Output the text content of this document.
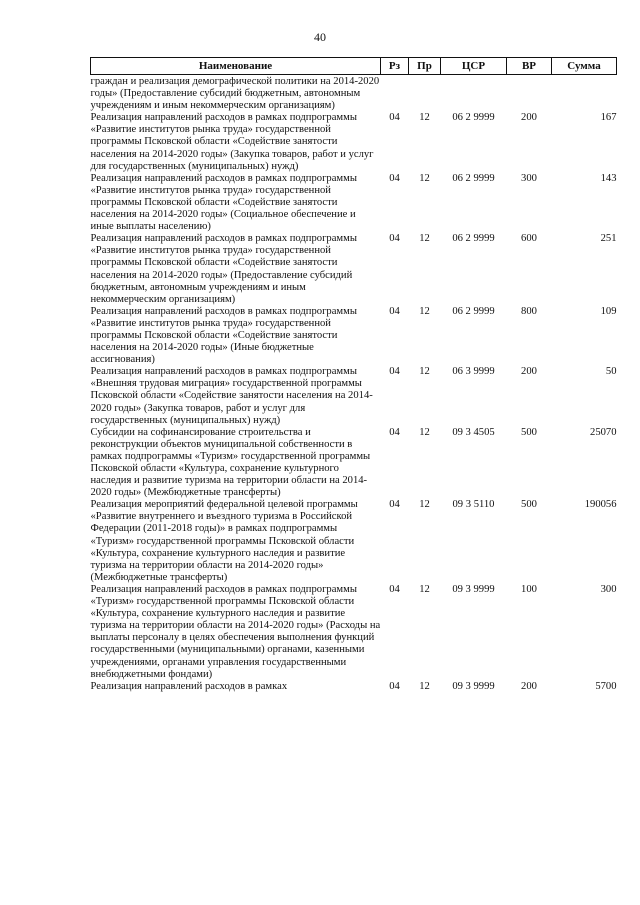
40
Наименование	Рз	Пр	ЦСР	ВР	Сумма
граждан и реализация демографической политики на 2014-2020 годы» (Предоставление субсидий бюджетным, автономным учреждениям и иным некоммерческим организациям)					
Реализация направлений расходов в рамках подпрограммы «Развитие институтов рынка труда» государственной программы Псковской области «Содействие занятости населения на 2014-2020 годы» (Закупка товаров, работ и услуг для государственных (муниципальных) нужд)	04	12	06 2 9999	200	167
Реализация направлений расходов в рамках подпрограммы «Развитие институтов рынка труда» государственной программы Псковской области «Содействие занятости населения на 2014-2020 годы» (Социальное обеспечение и иные выплаты населению)	04	12	06 2 9999	300	143
Реализация направлений расходов в рамках подпрограммы «Развитие институтов рынка труда» государственной программы Псковской области «Содействие занятости населения на 2014-2020 годы» (Предоставление субсидий бюджетным, автономным учреждениям и иным некоммерческим организациям)	04	12	06 2 9999	600	251
Реализация направлений расходов в рамках подпрограммы «Развитие институтов рынка труда» государственной программы Псковской области «Содействие занятости населения на 2014-2020 годы» (Иные бюджетные ассигнования)	04	12	06 2 9999	800	109
Реализация направлений расходов в рамках подпрограммы «Внешняя трудовая миграция» государственной программы Псковской области «Содействие занятости населения на 2014-2020 годы» (Закупка товаров, работ и услуг для государственных (муниципальных) нужд)	04	12	06 3 9999	200	50
Субсидии на софинансирование строительства и реконструкции объектов муниципальной собственности в рамках подпрограммы «Туризм» государственной программы Псковской области «Культура, сохранение культурного наследия и развитие туризма на территории области на 2014-2020 годы» (Межбюджетные трансферты)	04	12	09 3 4505	500	25070
Реализация мероприятий федеральной целевой программы «Развитие внутреннего и въездного туризма в Российской Федерации (2011-2018 годы)» в рамках подпрограммы «Туризм» государственной программы Псковской области «Культура, сохранение культурного наследия и развитие туризма на территории области на 2014-2020 годы» (Межбюджетные трансферты)	04	12	09 3 5110	500	190056
Реализация направлений расходов в рамках подпрограммы «Туризм» государственной программы Псковской области «Культура, сохранение культурного наследия и развитие туризма на территории области на 2014-2020 годы» (Расходы на выплаты персоналу в целях обеспечения выполнения функций государственными (муниципальными) органами, казенными учреждениями, органами управления государственными внебюджетными фондами)	04	12	09 3 9999	100	300
Реализация направлений расходов в рамках	04	12	09 3 9999	200	5700
